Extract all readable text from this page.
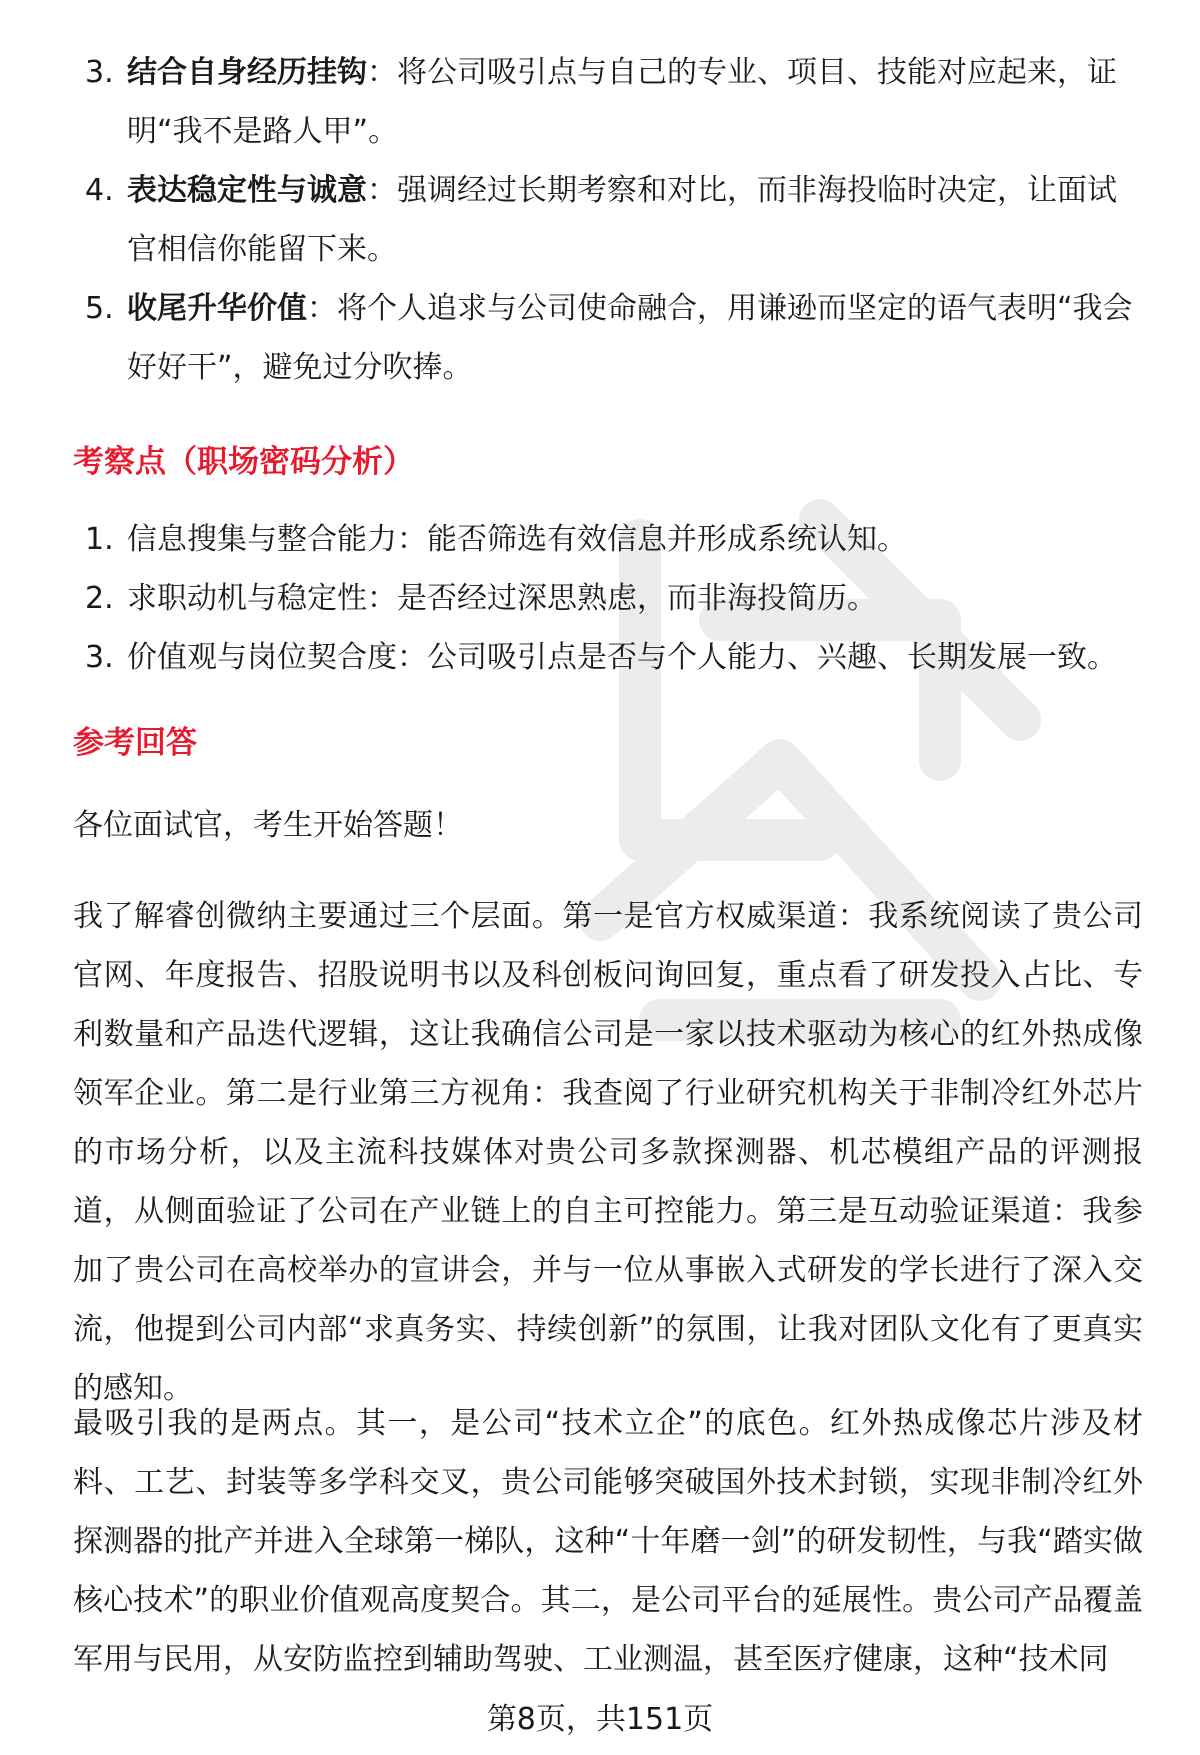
3. 结合自身经历挂钩：将公司吸引点与自己的专业、项目、技能对应起来，证明“我不是路人甲”。
4. 表达稳定性与诚意：强调经过长期考察和对比，而非海投临时决定，让面试官相信你能留下来。
5. 收尾升华价值：将个人追求与公司使命融合，用谦逊而坚定的语气表明“我会好好干”，避免过分吹捧。
考察点（职场密码分析）
1. 信息搜集与整合能力：能否筛选有效信息并形成系统认知。
2. 求职动机与稳定性：是否经过深思熟虑，而非海投简历。
3. 价值观与岗位契合度：公司吸引点是否与个人能力、兴趣、长期发展一致。
参考回答

各位面试官，考生开始答题！

我了解睿创微纳主要通过三个层面。第一是官方权威渠道：我系统阅读了贵公司官网、年度报告、招股说明书以及科创板问询回复，重点看了研发投入占比、专利数量和产品迭代逻辑，这让我确信公司是一家以技术驱动为核心的红外热成像领军企业。第二是行业第三方视角：我查阅了行业研究机构关于非制冷红外芯片的市场分析，以及主流科技媒体对贵公司多款探测器、机芯模组产品的评测报道，从侧面验证了公司在产业链上的自主可控能力。第三是互动验证渠道：我参加了贵公司在高校举办的宣讲会，并与一位从事嵌入式研发的学长进行了深入交流，他提到公司内部“求真务实、持续创新”的氛围，让我对团队文化有了更真实的感知。

最吸引我的是两点。其一，是公司“技术立企”的底色。红外热成像芯片涉及材料、工艺、封装等多学科交叉，贵公司能够突破国外技术封锁，实现非制冷红外探测器的批产并进入全球第一梯队，这种“十年磨一剑”的研发韧性，与我“踏实做核心技术”的职业价值观高度契合。其二，是公司平台的延展性。贵公司产品覆盖军用与民用，从安防监控到辅助驾驶、工业测温，甚至医疗健康，这种“技术同

第8页，共151页
